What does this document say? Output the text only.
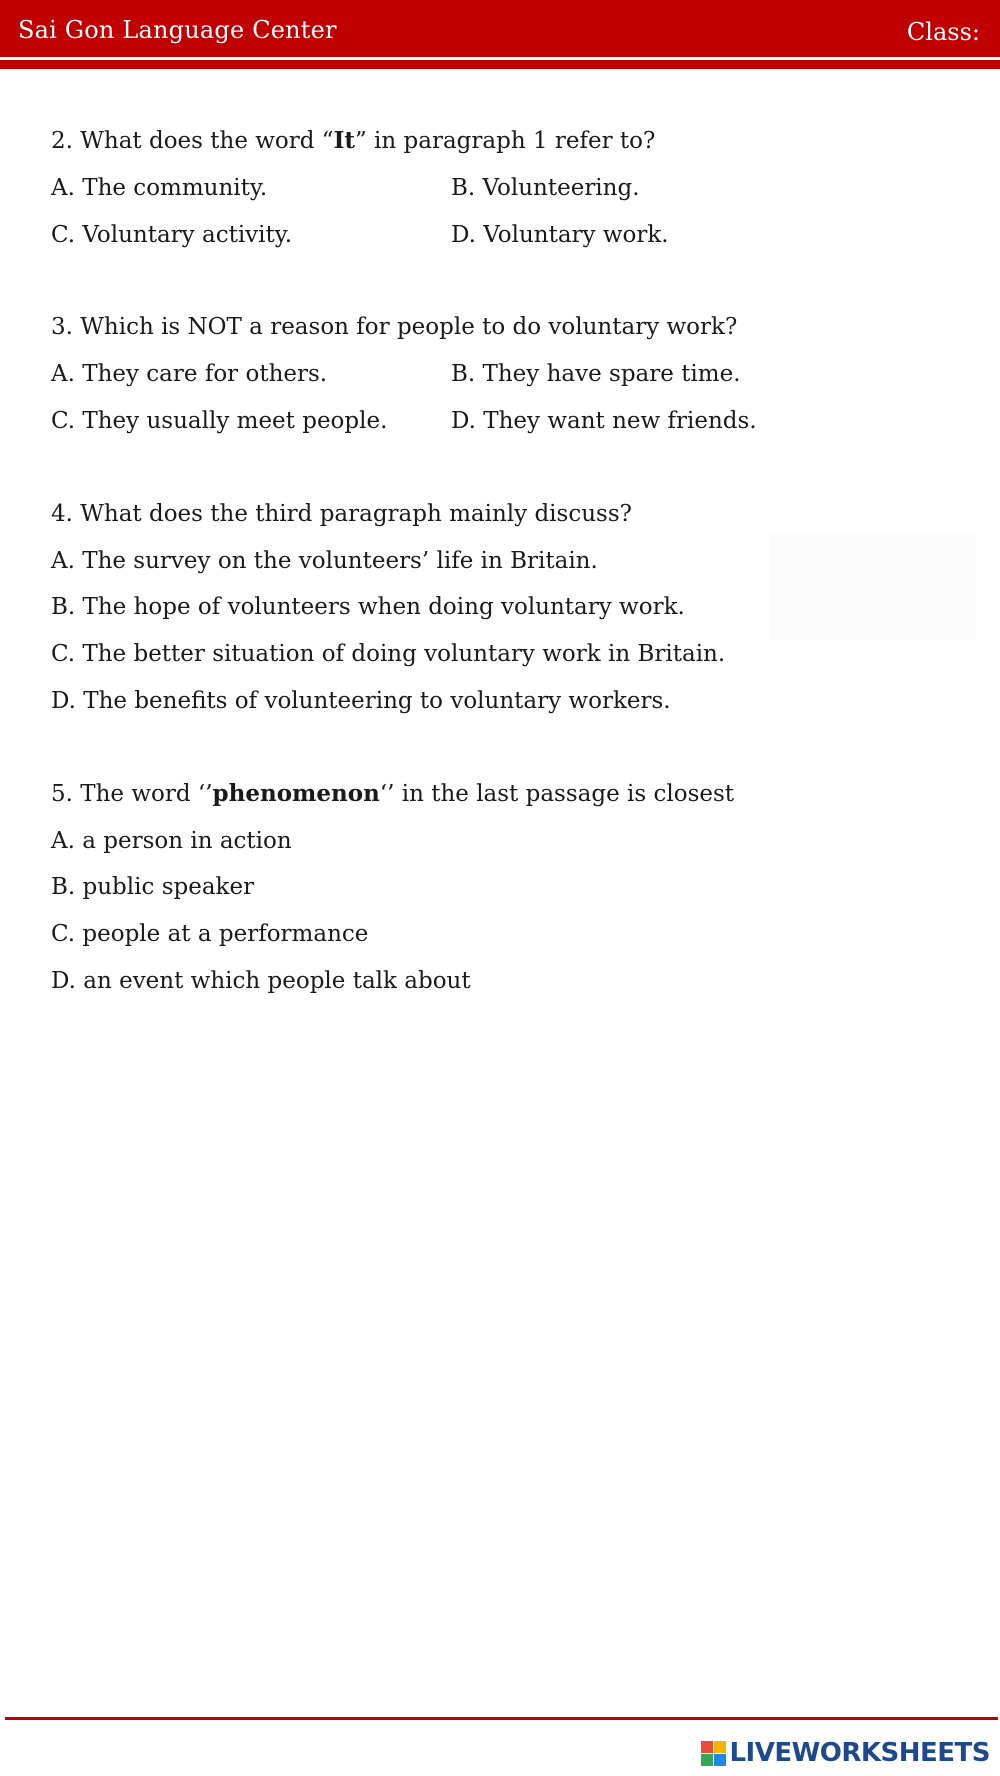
Sai Gon Language Center	Class:
2. What does the word “It” in paragraph 1 refer to?
A. The community.	B. Volunteering.
C. Voluntary activity.	D. Voluntary work.
3. Which is NOT a reason for people to do voluntary work?
A. They care for others.	B. They have spare time.
C. They usually meet people.	D. They want new friends.
4. What does the third paragraph mainly discuss?
A. The survey on the volunteers’ life in Britain.
B. The hope of volunteers when doing voluntary work.
C. The better situation of doing voluntary work in Britain.
D. The benefits of volunteering to voluntary workers.
5. The word ‘’phenomenon‘’ in the last passage is closest
A. a person in action
B. public speaker
C. people at a performance
D. an event which people talk about
LIVEWORKSHEETS
